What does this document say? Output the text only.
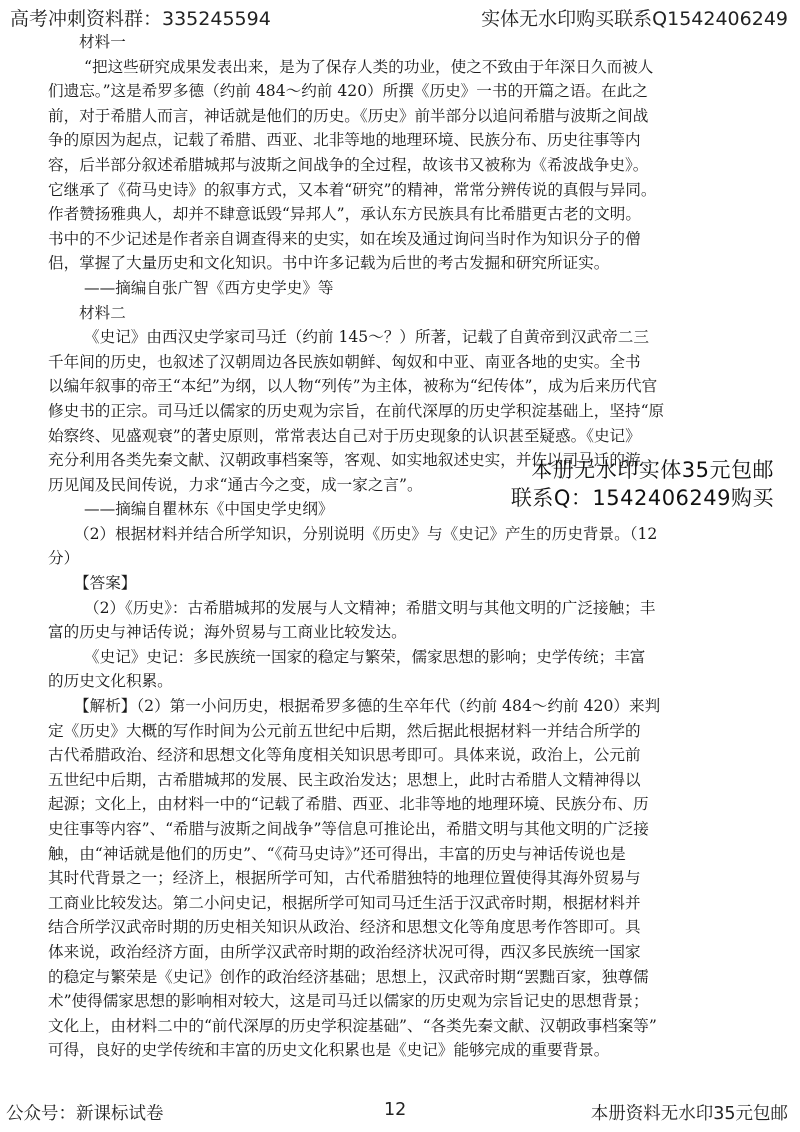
高考冲刺资料群：335245594	实体无水印购买联系Q1542406249
材料一
“把这些研究成果发表出来，是为了保存人类的功业，使之不致由于年深日久而被人
们遗忘。”这是希罗多德（约前 484～约前 420）所撰《历史》一书的开篇之语。在此之
前，对于希腊人而言，神话就是他们的历史。《历史》前半部分以追问希腊与波斯之间战
争的原因为起点，记载了希腊、西亚、北非等地的地理环境、民族分布、历史往事等内
容，后半部分叙述希腊城邦与波斯之间战争的全过程，故该书又被称为《希波战争史》。
它继承了《荷马史诗》的叙事方式，又本着“研究”的精神，常常分辨传说的真假与异同。
作者赞扬雅典人，却并不肆意诋毁“异邦人”，承认东方民族具有比希腊更古老的文明。
书中的不少记述是作者亲自调查得来的史实，如在埃及通过询问当时作为知识分子的僧
侣，掌握了大量历史和文化知识。书中许多记载为后世的考古发掘和研究所证实。
——摘编自张广智《西方史学史》等
材料二
《史记》由西汉史学家司马迁（约前 145～？）所著，记载了自黄帝到汉武帝二三
千年间的历史，也叙述了汉朝周边各民族如朝鲜、匈奴和中亚、南亚各地的史实。全书
以编年叙事的帝王“本纪”为纲，以人物“列传”为主体，被称为“纪传体”，成为后来历代官
修史书的正宗。司马迁以儒家的历史观为宗旨，在前代深厚的历史学积淀基础上，坚持“原
始察终、见盛观衰”的著史原则，常常表达自己对于历史现象的认识甚至疑惑。《史记》
充分利用各类先秦文献、汉朝政事档案等，客观、如实地叙述史实，并佐以司马迁的游
历见闻及民间传说，力求“通古今之变，成一家之言”。
——摘编自瞿林东《中国史学史纲》
（2）根据材料并结合所学知识，分别说明《历史》与《史记》产生的历史背景。（12
分）
【答案】
（2）《历史》：古希腊城邦的发展与人文精神；希腊文明与其他文明的广泛接触；丰
富的历史与神话传说；海外贸易与工商业比较发达。
《史记》史记：多民族统一国家的稳定与繁荣，儒家思想的影响；史学传统；丰富
的历史文化积累。
【解析】（2）第一小问历史，根据希罗多德的生卒年代（约前 484～约前 420）来判
定《历史》大概的写作时间为公元前五世纪中后期，然后据此根据材料一并结合所学的
古代希腊政治、经济和思想文化等角度相关知识思考即可。具体来说，政治上，公元前
五世纪中后期，古希腊城邦的发展、民主政治发达；思想上，此时古希腊人文精神得以
起源；文化上，由材料一中的“记载了希腊、西亚、北非等地的地理环境、民族分布、历
史往事等内容”、“希腊与波斯之间战争”等信息可推论出，希腊文明与其他文明的广泛接
触，由“神话就是他们的历史”、“《荷马史诗》”还可得出，丰富的历史与神话传说也是
其时代背景之一；经济上，根据所学可知，古代希腊独特的地理位置使得其海外贸易与
工商业比较发达。第二小问史记，根据所学可知司马迁生活于汉武帝时期，根据材料并
结合所学汉武帝时期的历史相关知识从政治、经济和思想文化等角度思考作答即可。具
体来说，政治经济方面，由所学汉武帝时期的政治经济状况可得，西汉多民族统一国家
的稳定与繁荣是《史记》创作的政治经济基础；思想上，汉武帝时期“罢黜百家，独尊儒
术”使得儒家思想的影响相对较大，这是司马迁以儒家的历史观为宗旨记史的思想背景；
文化上，由材料二中的“前代深厚的历史学积淀基础”、“各类先秦文献、汉朝政事档案等”
可得，良好的史学传统和丰富的历史文化积累也是《史记》能够完成的重要背景。
本册无水印实体35元包邮
联系Q：1542406249购买
公众号：新课标试卷	12	本册资料无水印35元包邮
